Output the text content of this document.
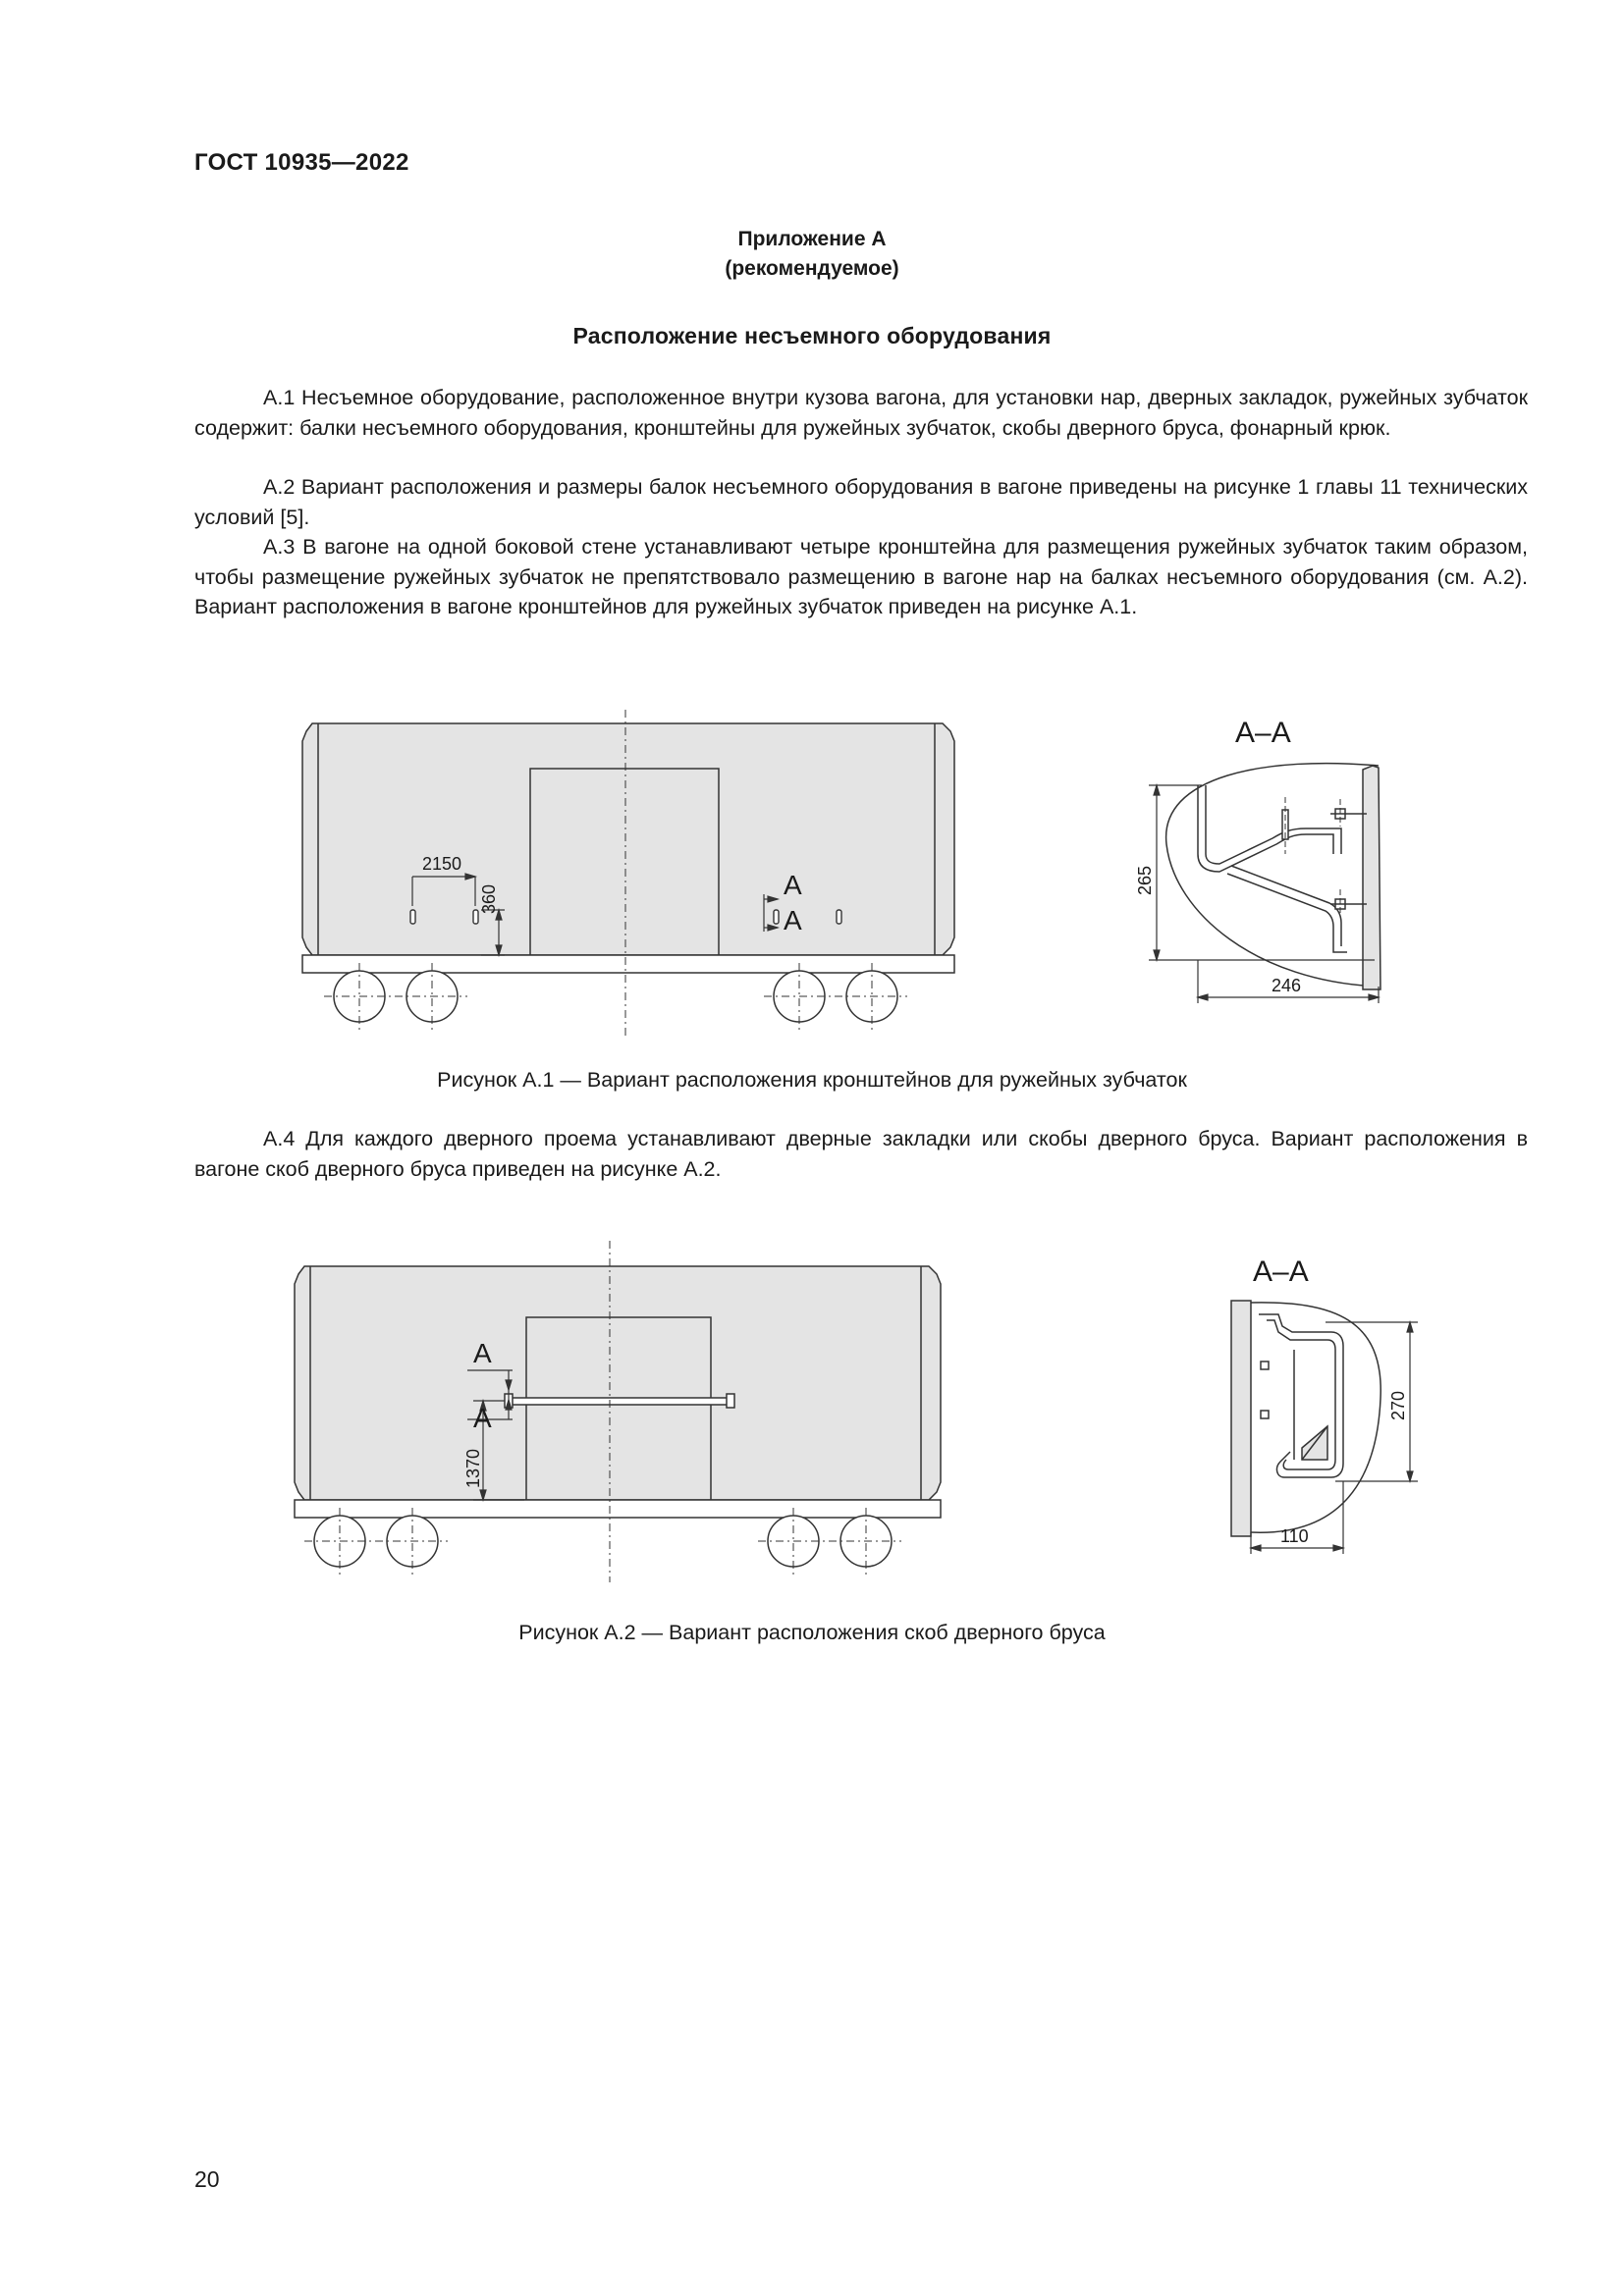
ГОСТ 10935—2022
Приложение А
(рекомендуемое)
Расположение несъемного оборудования

А.1 Несъемное оборудование, расположенное внутри кузова вагона, для установки нар, дверных закладок, ружейных зубчаток содержит: балки несъемного оборудования, кронштейны для ружейных зубчаток, скобы дверного бруса, фонарный крюк.

А.2 Вариант расположения и размеры балок несъемного оборудования в вагоне приведены на рисунке 1 главы 11 технических условий [5].

А.3 В вагоне на одной боковой стене устанавливают четыре кронштейна для размещения ружейных зубчаток таким образом, чтобы размещение ружейных зубчаток не препятствовало размещению в вагоне нар на балках несъемного оборудования (см. А.2). Вариант расположения в вагоне кронштейнов для ружейных зубчаток приведен на рисунке А.1.

2150
360	А
А
А–А
265
246
Рисунок А.1 — Вариант расположения кронштейнов для ружейных зубчаток

А.4 Для каждого дверного проема устанавливают дверные закладки или скобы дверного бруса. Вариант расположения в вагоне скоб дверного бруса приведен на рисунке А.2.

А
А
1370
А–А
270
110
Рисунок А.2 — Вариант расположения скоб дверного бруса
20
